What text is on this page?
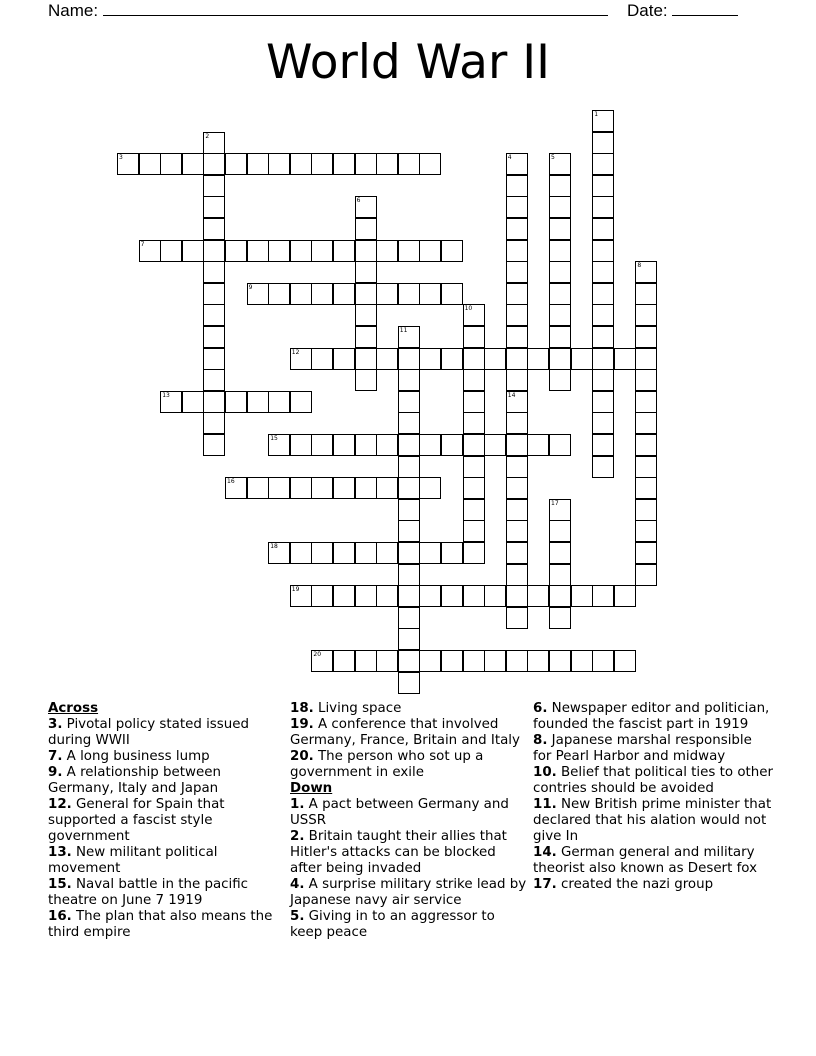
Name:	Date:
World War II
1
2
3	4
14
5
6
7
8
9
10
11
12
13
15
16
17
18
19
20
Across
3. Pivotal policy stated issued during WWII
7. A long business lump
9. A relationship between Germany, Italy and Japan
12. General for Spain that supported a fascist style government
13. New militant political movement
15. Naval battle in the pacific theatre on June 7 1919
16. The plan that also means the third empire
18. Living space
19. A conference that involved Germany, France, Britain and Italy
20. The person who sot up a government in exile
Down
1. A pact between Germany and USSR
2. Britain taught their allies that Hitler's attacks can be blocked after being invaded
4. A surprise military strike lead by Japanese navy air service
5. Giving in to an aggressor to keep peace
6. Newspaper editor and politician, founded the fascist part in 1919
8. Japanese marshal responsible for Pearl Harbor and midway
10. Belief that political ties to other contries should be avoided
11. New British prime minister that declared that his alation would not give In
14. German general and military theorist also known as Desert fox
17. created the nazi group
